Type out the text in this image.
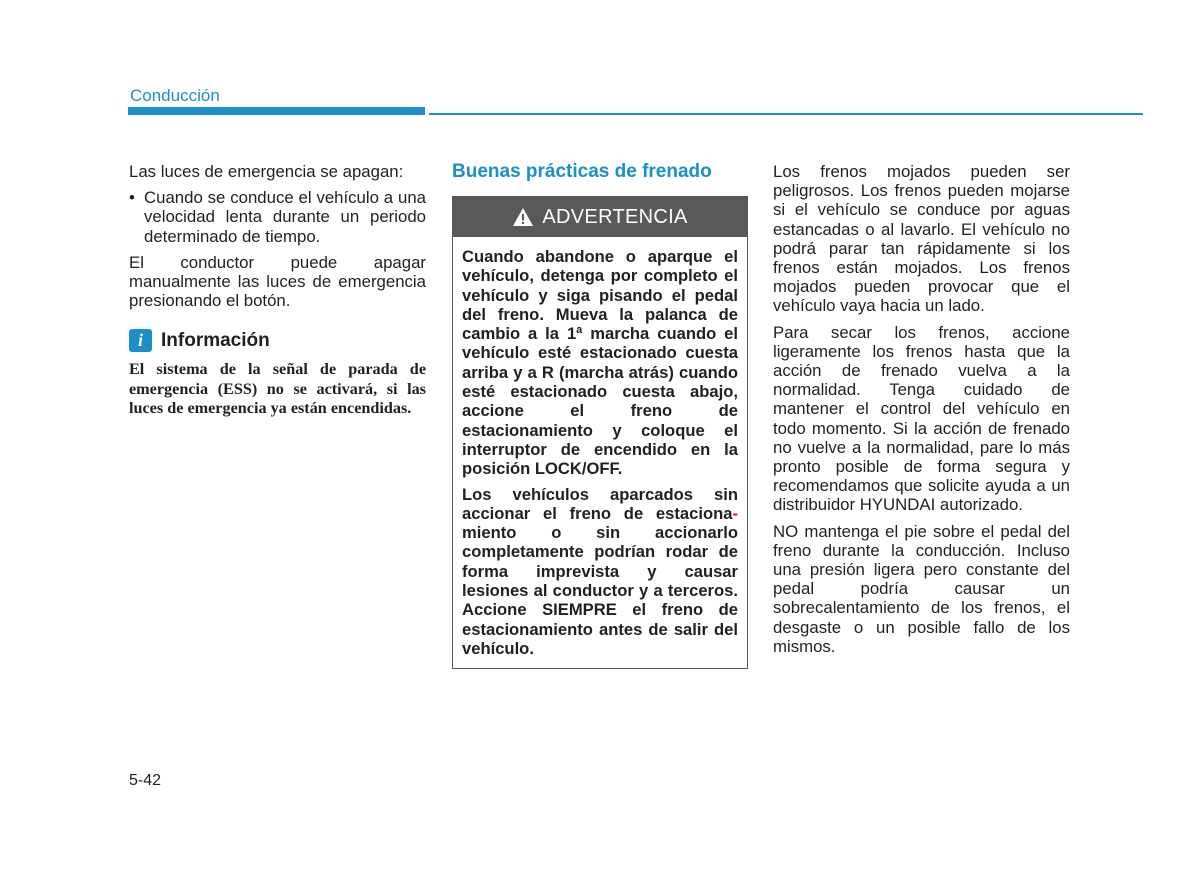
Conducción

Las luces de emergencia se apagan:

• Cuando se conduce el vehículo a una velocidad lenta durante un periodo determinado de tiempo.

El conductor puede apagar manualmente las luces de emergencia presionando el botón.

i Información
El sistema de la señal de parada de emergencia (ESS) no se activará, si las luces de emergencia ya están encendidas.
Buenas prácticas de frenado
ADVERTENCIA

Cuando abandone o aparque el vehículo, detenga por completo el vehículo y siga pisando el pedal del freno. Mueva la palanca de cambio a la 1ª marcha cuando el vehículo esté estacionado cuesta arriba y a R (marcha atrás) cuando esté estacionado cuesta abajo, accione el freno de estacionamiento y coloque el interruptor de encendido en la posición LOCK/OFF.

Los vehículos aparcados sin accionar el freno de estaciona-miento o sin accionarlo completamente podrían rodar de forma imprevista y causar lesiones al conductor y a terceros. Accione SIEMPRE el freno de estacionamiento antes de salir del vehículo.

Los frenos mojados pueden ser peligrosos. Los frenos pueden mojarse si el vehículo se conduce por aguas estancadas o al lavarlo. El vehículo no podrá parar tan rápidamente si los frenos están mojados. Los frenos mojados pueden provocar que el vehículo vaya hacia un lado.

Para secar los frenos, accione ligeramente los frenos hasta que la acción de frenado vuelva a la normalidad. Tenga cuidado de mantener el control del vehículo en todo momento. Si la acción de frenado no vuelve a la normalidad, pare lo más pronto posible de forma segura y recomendamos que solicite ayuda a un distribuidor HYUNDAI autorizado.

NO mantenga el pie sobre el pedal del freno durante la conducción. Incluso una presión ligera pero constante del pedal podría causar un sobrecalentamiento de los frenos, el desgaste o un posible fallo de los mismos.

5-42
